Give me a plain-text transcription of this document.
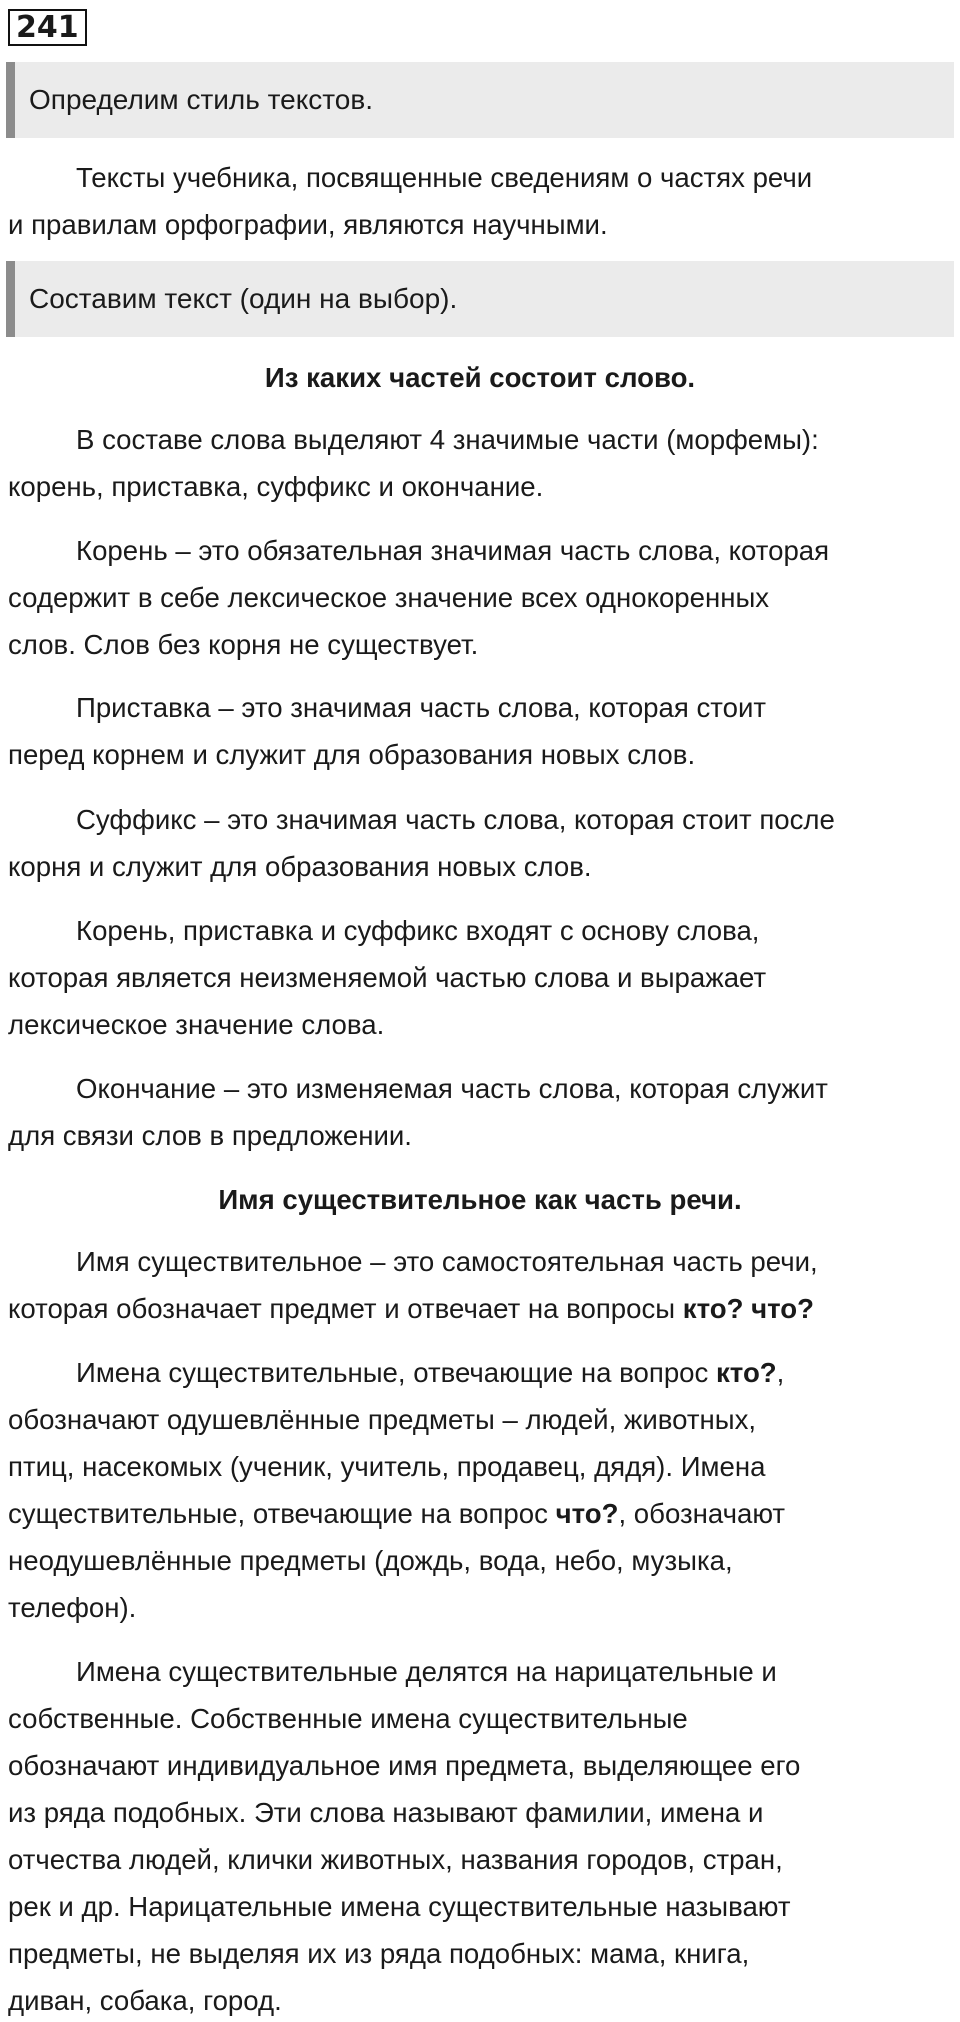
241
Определим стиль текстов.
Тексты учебника, посвященные сведениям о частях речи
и правилам орфографии, являются научными.
Составим текст (один на выбор).
Из каких частей состоит слово.
В составе слова выделяют 4 значимые части (морфемы):
корень, приставка, суффикс и окончание.
Корень – это обязательная значимая часть слова, которая
содержит в себе лексическое значение всех однокоренных
слов. Слов без корня не существует.
Приставка – это значимая часть слова, которая стоит
перед корнем и служит для образования новых слов.
Суффикс – это значимая часть слова, которая стоит после
корня и служит для образования новых слов.
Корень, приставка и суффикс входят с основу слова,
которая является неизменяемой частью слова и выражает
лексическое значение слова.
Окончание – это изменяемая часть слова, которая служит
для связи слов в предложении.
Имя существительное как часть речи.
Имя существительное – это самостоятельная часть речи,
которая обозначает предмет и отвечает на вопросы кто? что?
Имена существительные, отвечающие на вопрос кто?,
обозначают одушевлённые предметы – людей, животных,
птиц, насекомых (ученик, учитель, продавец, дядя). Имена
существительные, отвечающие на вопрос что?, обозначают
неодушевлённые предметы (дождь, вода, небо, музыка,
телефон).
Имена существительные делятся на нарицательные и
собственные. Собственные имена существительные
обозначают индивидуальное имя предмета, выделяющее его
из ряда подобных. Эти слова называют фамилии, имена и
отчества людей, клички животных, названия городов, стран,
рек и др. Нарицательные имена существительные называют
предметы, не выделяя их из ряда подобных: мама, книга,
диван, собака, город.
